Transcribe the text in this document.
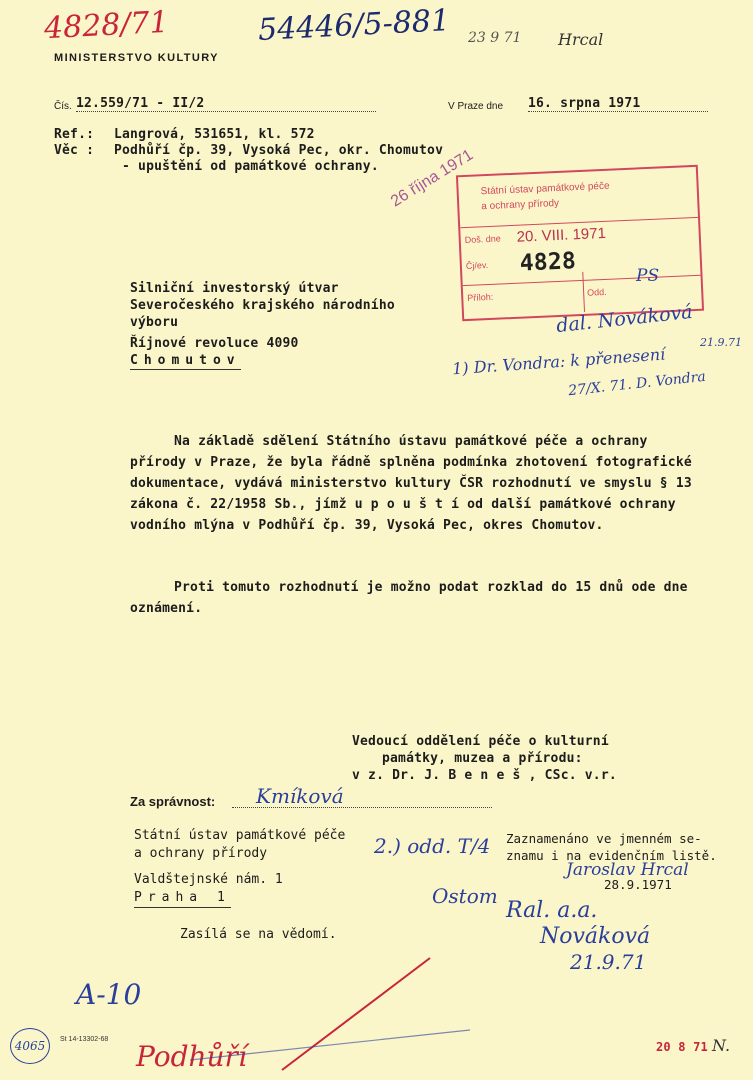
4828/71	54446/5-881 23 9 71 Hrcal
MINISTERSTVO KULTURY
Čís. 12.559/71 - II/2	V Praze dne 16. srpna 1971
Ref.: Langrová, 531651, kl. 572
Věc : Podhůří čp. 39, Vysoká Pec, okr. Chomutov
- upuštění od památkové ochrany. 26 října 1971 Státní ústav památkové péče
a ochrany přírody
Doš. dne 20. VIII. 1971
Čj/ev. 4828
Příloh:	Odd.
PS
Silniční investorský útvar
Severočeského krajského národního
výboru
Říjnové revoluce 4090
Chomutov
dal. Nováková
21.9.71
1) Dr. Vondra: k přenesení
27/X. 71. D. Vondra
Na základě sdělení Státního ústavu památkové péče a ochrany přírody v Praze, že byla řádně splněna podmínka zhotovení fotografické dokumentace, vydává ministerstvo kultury ČSR rozhodnutí ve smyslu § 13 zákona č. 22/1958 Sb., jímž u p o u š t í od další památkové ochrany vodního mlýna v Podhůří čp. 39, Vysoká Pec, okres Chomutov.
Proti tomuto rozhodnutí je možno podat rozklad do 15 dnů ode dne oznámení.
Vedoucí oddělení péče o kulturní
památky, muzea a přírodu:
v z. Dr. J. B e n e š , CSc. v.r.
Za správnost: Kmíková
Státní ústav památkové péče
a ochrany přírody
Valdštejnské nám. 1
Praha 1
Zasílá se na vědomí.
2.) odd. T/4 Zaznamenáno ve jmenném se-
znamu i na evidenčním listě.
Jaroslav Hrcal
28.9.1971
Ostom
Ral. a.a.
Nováková
21.9.71
A-10
4065	St 14-13302-68
Podhůří	20 8 71 N.
